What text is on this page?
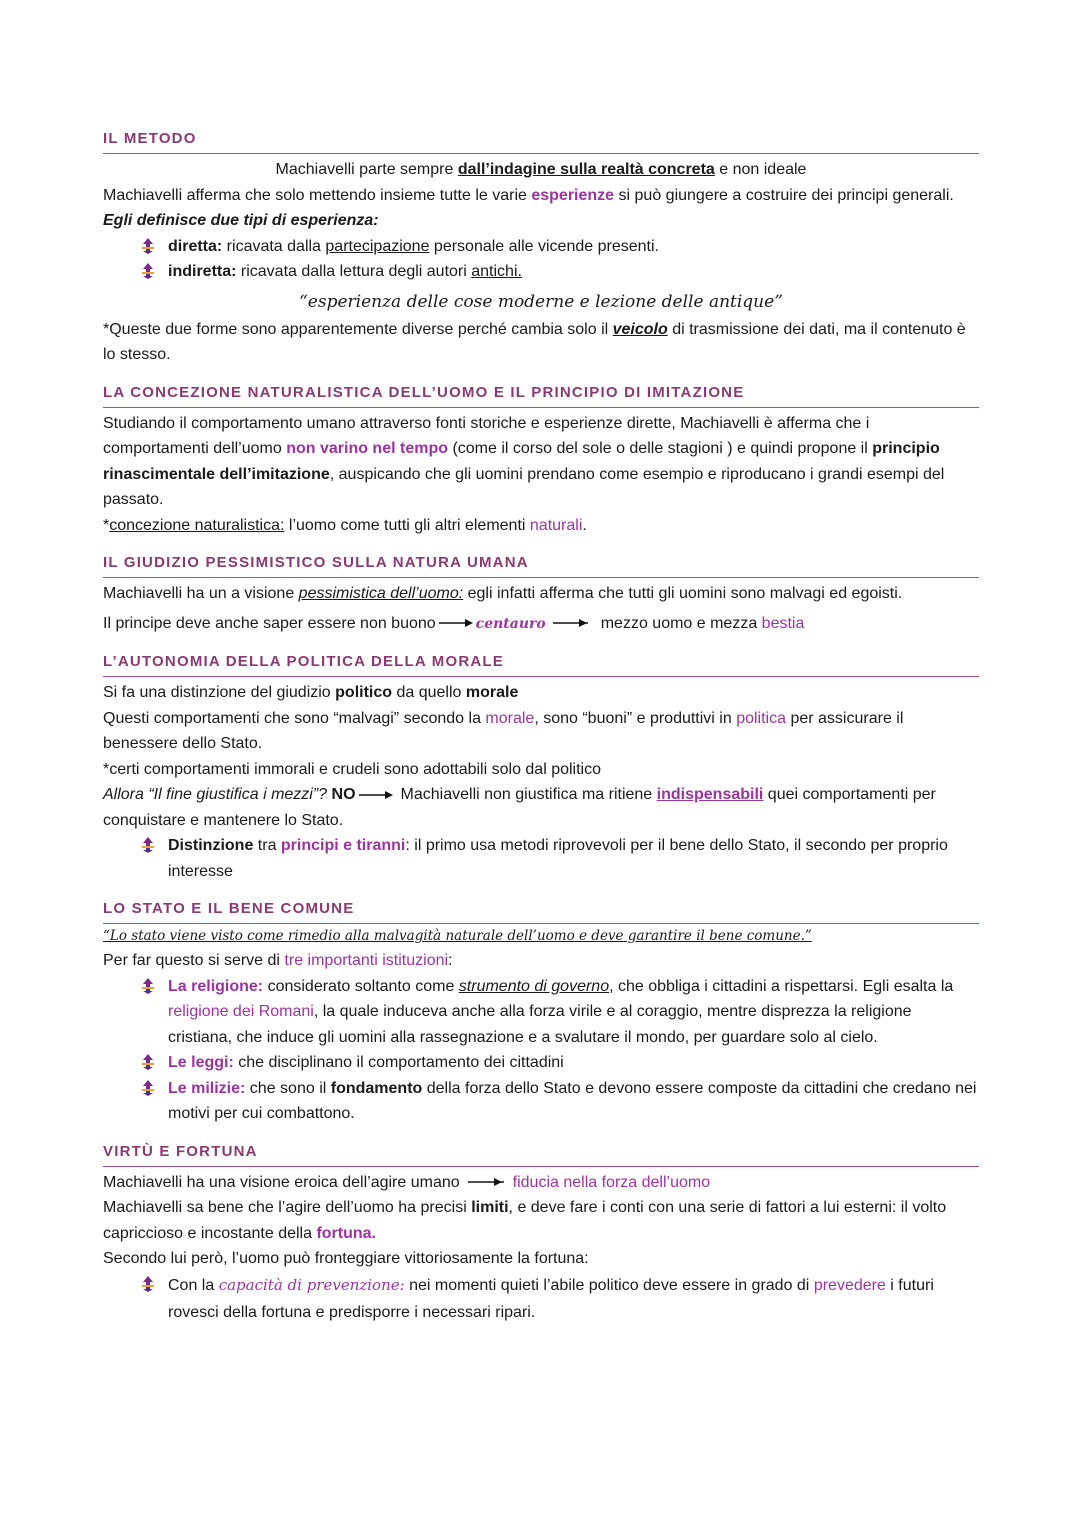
IL METODO

Machiavelli parte sempre dall’indagine sulla realtà concreta e non ideale

Machiavelli afferma che solo mettendo insieme tutte le varie esperienze si può giungere a costruire dei principi generali.

Egli definisce due tipi di esperienza:

diretta: ricavata dalla partecipazione personale alle vicende presenti.
indiretta: ricavata dalla lettura degli autori antichi.

“esperienza delle cose moderne e lezione delle antique”

*Queste due forme sono apparentemente diverse perché cambia solo il veicolo di trasmissione dei dati, ma il contenuto è lo stesso.

LA CONCEZIONE NATURALISTICA DELL’UOMO E IL PRINCIPIO DI IMITAZIONE

Studiando il comportamento umano attraverso fonti storiche e esperienze dirette, Machiavelli è afferma che i comportamenti dell’uomo non varino nel tempo (come il corso del sole o delle stagioni ) e quindi propone il principio rinascimentale dell’imitazione, auspicando che gli uomini prendano come esempio e riproducano i grandi esempi del passato.

*concezione naturalistica: l’uomo come tutti gli altri elementi naturali.

IL GIUDIZIO PESSIMISTICO SULLA NATURA UMANA

Machiavelli ha un a visione pessimistica dell’uomo: egli infatti afferma che tutti gli uomini sono malvagi ed egoisti.

Il principe deve anche saper essere non buono	centauro	mezzo uomo e mezza bestia

L’AUTONOMIA DELLA POLITICA DELLA MORALE

Si fa una distinzione del giudizio politico da quello morale

Questi comportamenti che sono “malvagi” secondo la morale, sono “buoni” e produttivi in politica per assicurare il benessere dello Stato.

*certi comportamenti immorali e crudeli sono adottabili solo dal politico

Allora “Il fine giustifica i mezzi”? NO	Machiavelli non giustifica ma ritiene indispensabili quei comportamenti per conquistare e mantenere lo Stato.

Distinzione tra principi e tiranni: il primo usa metodi riprovevoli per il bene dello Stato, il secondo per proprio interesse
LO STATO E IL BENE COMUNE

“Lo stato viene visto come rimedio alla malvagità naturale dell’uomo e deve garantire il bene comune.”

Per far questo si serve di tre importanti istituzioni:

La religione: considerato soltanto come strumento di governo, che obbliga i cittadini a rispettarsi. Egli esalta la religione dei Romani, la quale induceva anche alla forza virile e al coraggio, mentre disprezza la religione cristiana, che induce gli uomini alla rassegnazione e a svalutare il mondo, per guardare solo al cielo.
Le leggi: che disciplinano il comportamento dei cittadini
Le milizie: che sono il fondamento della forza dello Stato e devono essere composte da cittadini che credano nei motivi per cui combattono.
VIRTÙ E FORTUNA

Machiavelli ha una visione eroica dell’agire umano	fiducia nella forza dell’uomo

Machiavelli sa bene che l’agire dell’uomo ha precisi limiti, e deve fare i conti con una serie di fattori a lui esterni: il volto capriccioso e incostante della fortuna.

Secondo lui però, l’uomo può fronteggiare vittoriosamente la fortuna:

Con la capacità di prevenzione: nei momenti quieti l’abile politico deve essere in grado di prevedere i futuri rovesci della fortuna e predisporre i necessari ripari.
